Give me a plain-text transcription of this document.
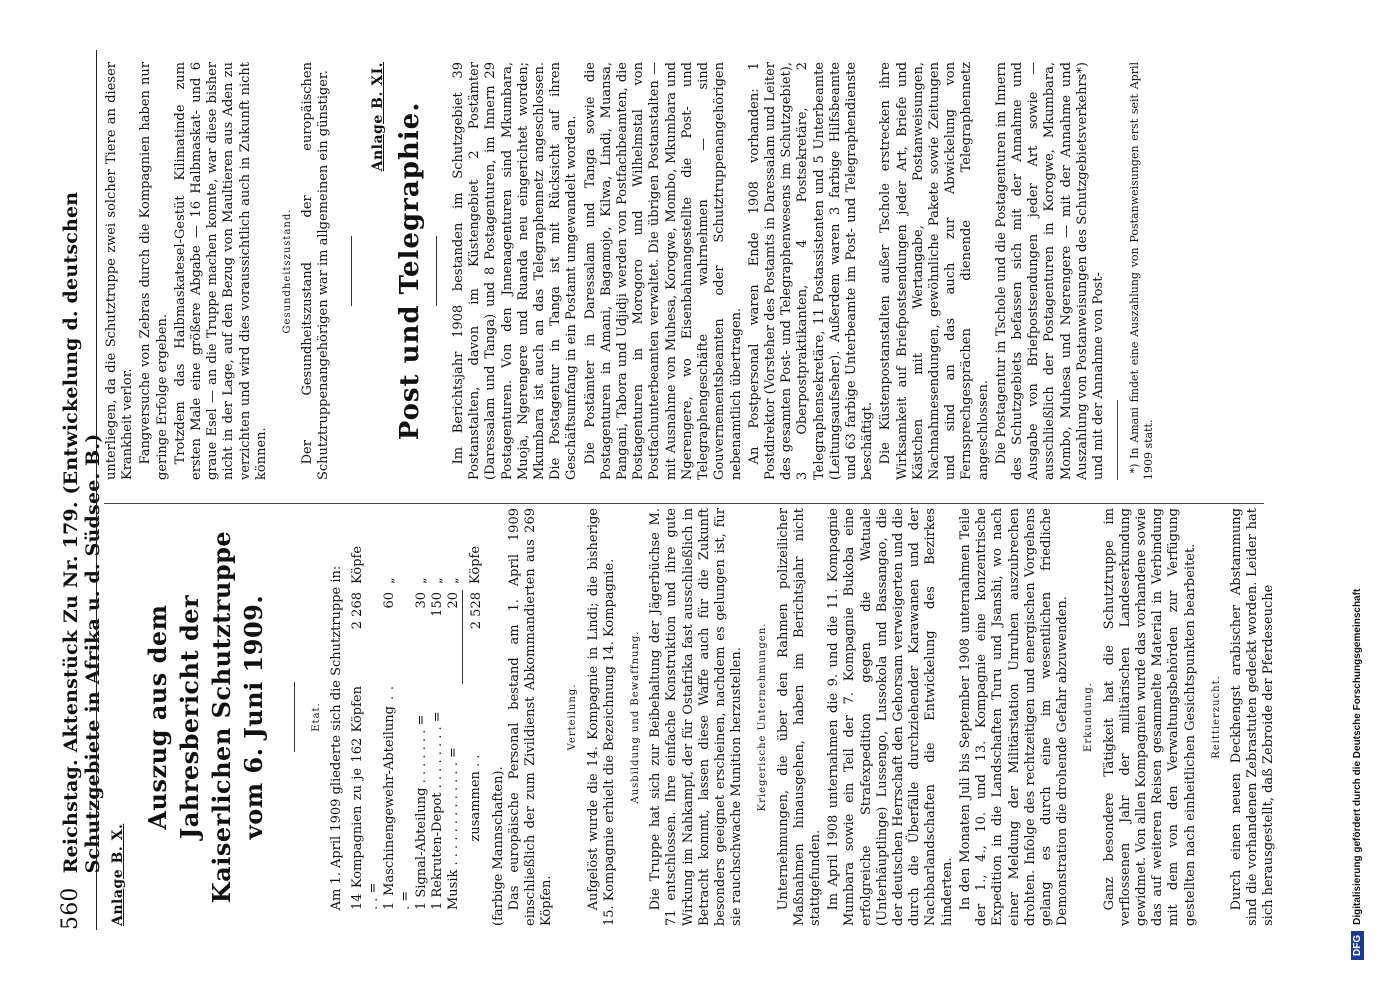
560
Reichstag. Aktenstück Zu Nr. 179. (Entwickelung d. deutschen Schutzgebiete in Afrika u. d. Südsee. B.)
Anlage B. X.
Auszug aus dem Jahresbericht der Kaiserlichen Schutztruppe vom 6. Juni 1909.	Etat. Am 1. April 1909 gliederte sich die Schutztruppe in: 14 Kompagnien zu je 162 Köpfen . . =	2 268	Köpfe
1 Maschinengewehr-Abteilung . . . =	60	„
1 Signal-Abteilung . . . . . . . =	30	„
1 Rekruten-Depot . . . . . . . . =	150	„
Musik . . . . . . . . . . . . . =	20	„
zusammen . .	2 528	Köpfe
(farbige Mannschaften). Das europäische Personal bestand am 1. April 1909 einschließlich der zum Zivildienst Abkommandierten aus 269 Köpfen.

Verteilung. Aufgelöst wurde die 14. Kompagnie in Lindi; die bisherige 15. Kompagnie erhielt die Bezeichnung 14. Kompagnie. Ausbildung und Bewaffnung. Die Truppe hat sich zur Beibehaltung der Jägerbüchse M. 71 entschlossen. Ihre einfache Konstruktion und ihre gute Wirkung im Nahkampf, der für Ostafrika fast ausschließlich in Betracht kommt, lassen diese Waffe auch für die Zukunft besonders geeignet erscheinen, nachdem es gelungen ist, für sie rauchschwache Munition herzustellen. Kriegerische Unternehmungen. Unternehmungen, die über den Rahmen polizeilicher Maßnahmen hinausgehen, haben im Berichtsjahr nicht stattgefunden. Im April 1908 unternahmen die 9. und die 11. Kompagnie Mumbara sowie ein Teil der 7. Kompagnie Bukoba eine erfolgreiche Strafexpedition gegen die Watuale (Unterhäuptlinge) Lussengo, Lussokola und Bassangao, die der deutschen Herrschaft den Gehorsam verweigerten und die durch die Überfälle durchziehender Karawanen und der Nachbarlandschaften die Entwickelung des Bezirkes hinderten. In den Monaten Juli bis September 1908 unternahmen Teile der 1., 4., 10. und 13. Kompagnie eine konzentrische Expedition in die Landschaften Turu und Jsanshi, wo nach einer Meldung der Militärstation Unruhen auszubrechen drohten. Infolge des rechtzeitigen und energischen Vorgehens gelang es durch eine im wesentlichen friedliche Demonstration die drohende Gefahr abzuwenden. Erkundung. Ganz besondere Tätigkeit hat die Schutztruppe im verflossenen Jahr der militärischen Landeserkundung gewidmet. Von allen Kompagnien wurde das vorhandene sowie das auf weiteren Reisen gesammelte Material in Verbindung mit dem von den Verwaltungsbehörden zur Verfügung gestellten nach einheitlichen Gesichtspunkten bearbeitet. Reittierzucht. Durch einen neuen Deckhengst arabischer Abstammung sind die vorhandenen Zebrastuten gedeckt worden. Leider hat sich herausgestellt, daß Zebroide der Pferdeseuche

unterliegen, da die Schutztruppe zwei solcher Tiere an dieser Krankheit verlor. Fangversuche von Zebras durch die Kompagnien haben nur geringe Erfolge ergeben. Trotzdem das Halbmaskatesel-Gestüt Kilimatinde zum ersten Male eine größere Abgabe — 16 Halbmaskat- und 6 graue Esel — an die Truppe machen konnte, war diese bisher nicht in der Lage, auf den Bezug von Maultieren aus Aden zu verzichten und wird dies voraussichtlich auch in Zukunft nicht können.

Gesundheitszustand. Der Gesundheitszustand der europäischen Schutztruppenangehörigen war im allgemeinen ein günstiger.	Anlage B. XI. Post und Telegraphie. Im Berichtsjahr 1908 bestanden im Schutzgebiet 39 Postanstalten, davon im Küstengebiet 2 Postämter (Daressalam und Tanga) und 8 Postagenturen, im Innern 29 Postagenturen. Von den Jnnenagenturen sind Mkumbara, Muoja, Ngerengere und Ruanda neu eingerichtet worden; Mkumbara ist auch an das Telegraphennetz angeschlossen. Die Postagentur in Tanga ist mit Rücksicht auf ihren Geschäftsumfang in ein Postamt umgewandelt worden. Die Postämter in Daressalam und Tanga sowie die Postagenturen in Amani, Bagamojo, Kilwa, Lindi, Muansa, Pangani, Tabora und Udjidji werden von Postfachbeamten, die Postagenturen in Morogoro und Wilhelmstal von Postfachunterbeamten verwaltet. Die übrigen Postanstalten — mit Ausnahme von Muhesa, Korogwe, Mombo, Mkumbara und Ngerengere, wo Eisenbahnangestellte die Post- und Telegraphengeschäfte wahrnehmen — sind Gouvernementsbeamten oder Schutztruppenangehörigen nebenamtlich übertragen. An Postpersonal waren Ende 1908 vorhanden: 1 Postdirektor (Vorsteher des Postamts in Daressalam und Leiter des gesamten Post- und Telegraphenwesens im Schutzgebiet), 3 Oberpostpraktikanten, 4 Postsekretäre, 2 Telegraphensekretäre, 11 Postassistenten und 5 Unterbeamte (Leitungsaufseher). Außerdem waren 3 farbige Hilfsbeamte und 63 farbige Unterbeamte im Post- und Telegraphendienste beschäftigt. Die Küstenpostanstalten außer Tschole erstrecken ihre Wirksamkeit auf Briefpostsendungen jeder Art, Briefe und Kästchen mit Wertangabe, Postanweisungen, Nachnahmesendungen, gewöhnliche Pakete sowie Zeitungen und sind an das auch zur Abwickelung von Fernsprechgesprächen dienende Telegraphennetz angeschlossen. Die Postagentur in Tschole und die Postagenturen im Innern des Schutzgebiets befassen sich mit der Annahme und Ausgabe von Briefpostsendungen jeder Art sowie — ausschließlich der Postagenturen in Korogwe, Mkumbara, Mombo, Muhesa und Ngerengere — mit der Annahme und Auszahlung von Postanweisungen des Schutzgebietsverkehrs*) und mit der Annahme von Post- *) In Amani findet eine Auszahlung von Postanweisungen erst seit April 1909 statt.
DFG
Digitalisierung gefördert durch die Deutsche Forschungsgemeinschaft
